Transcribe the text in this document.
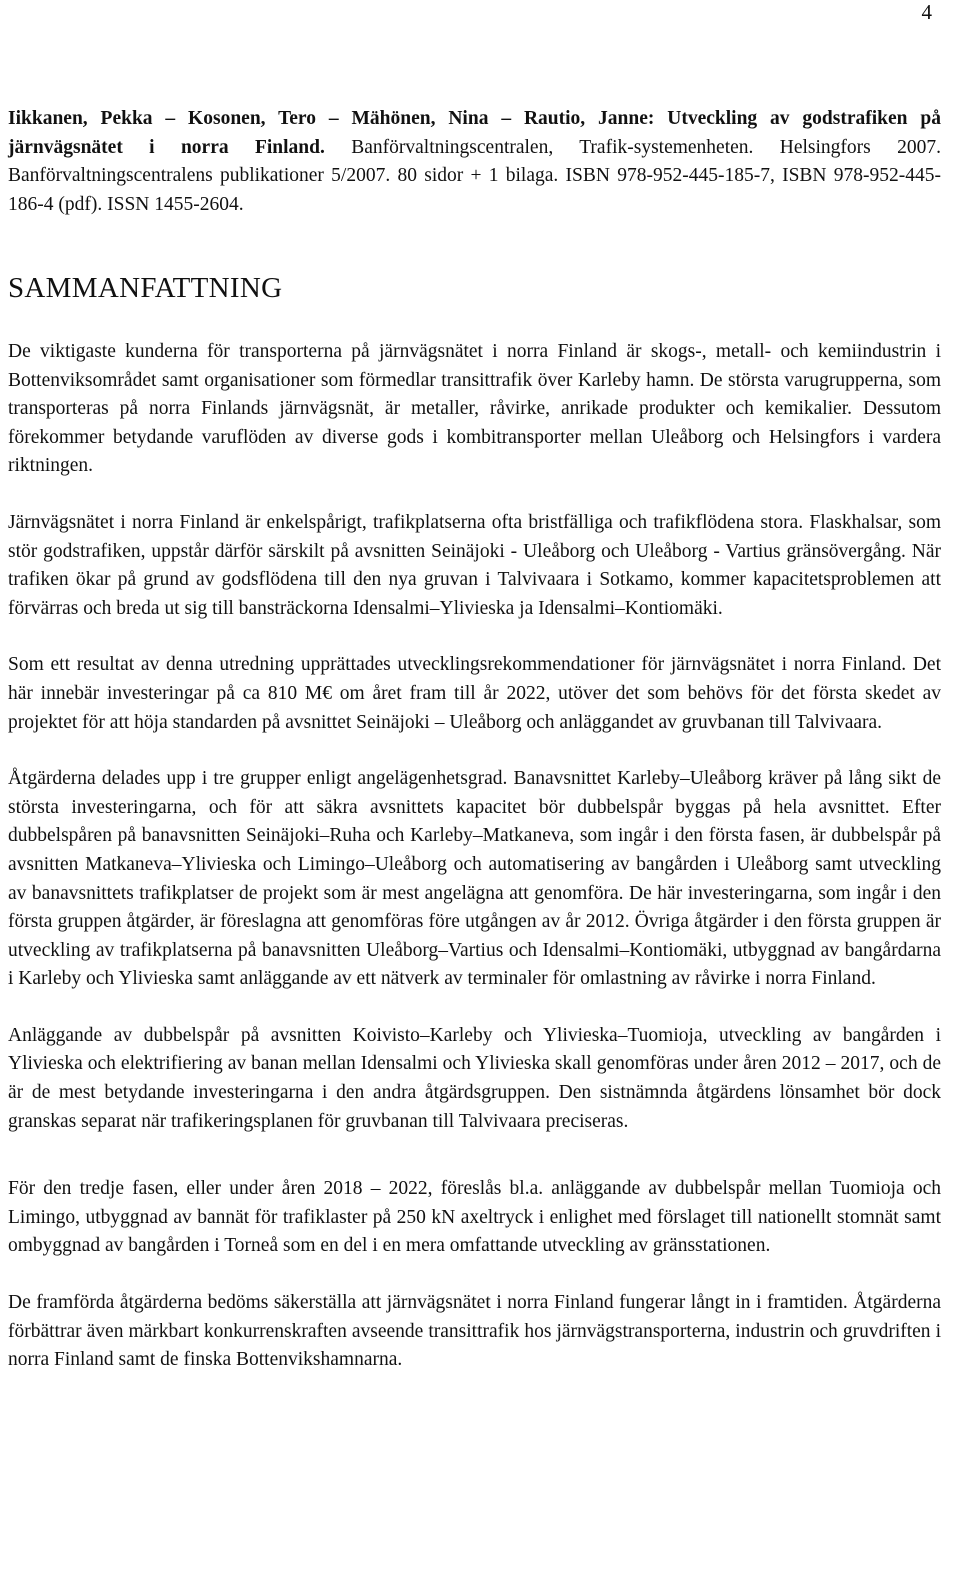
4

Iikkanen, Pekka – Kosonen, Tero – Mähönen, Nina – Rautio, Janne: Utveckling av godstrafiken på järnvägsnätet i norra Finland. Banförvaltningscentralen, Trafik-systemenheten. Helsingfors 2007. Banförvaltningscentralens publikationer 5/2007. 80 sidor + 1 bilaga. ISBN 978-952-445-185-7, ISBN 978-952-445-186-4 (pdf). ISSN 1455-2604.

SAMMANFATTNING

De viktigaste kunderna för transporterna på järnvägsnätet i norra Finland är skogs-, metall- och kemiindustrin i Bottenviksområdet samt organisationer som förmedlar transittrafik över Karleby hamn. De största varugrupperna, som transporteras på norra Finlands järnvägsnät, är metaller, råvirke, anrikade produkter och kemikalier. Dessutom förekommer betydande varuflöden av diverse gods i kombitransporter mellan Uleåborg och Helsingfors i vardera riktningen.

Järnvägsnätet i norra Finland är enkelspårigt, trafikplatserna ofta bristfälliga och trafikflödena stora. Flaskhalsar, som stör godstrafiken, uppstår därför särskilt på avsnitten Seinäjoki - Uleåborg och Uleåborg - Vartius gränsövergång. När trafiken ökar på grund av godsflödena till den nya gruvan i Talvivaara i Sotkamo, kommer kapacitetsproblemen att förvärras och breda ut sig till bansträckorna Idensalmi–Ylivieska ja Idensalmi–Kontiomäki.

Som ett resultat av denna utredning upprättades utvecklingsrekommendationer för järnvägsnätet i norra Finland. Det här innebär investeringar på ca 810 M€ om året fram till år 2022, utöver det som behövs för det första skedet av projektet för att höja standarden på avsnittet Seinäjoki – Uleåborg och anläggandet av gruvbanan till Talvivaara.

Åtgärderna delades upp i tre grupper enligt angelägenhetsgrad. Banavsnittet Karleby–Uleåborg kräver på lång sikt de största investeringarna, och för att säkra avsnittets kapacitet bör dubbelspår byggas på hela avsnittet. Efter dubbelspåren på banavsnitten Seinäjoki–Ruha och Karleby–Matkaneva, som ingår i den första fasen, är dubbelspår på avsnitten Matkaneva–Ylivieska och Limingo–Uleåborg och automatisering av bangården i Uleåborg samt utveckling av banavsnittets trafikplatser de projekt som är mest angelägna att genomföra. De här investeringarna, som ingår i den första gruppen åtgärder, är föreslagna att genomföras före utgången av år 2012. Övriga åtgärder i den första gruppen är utveckling av trafikplatserna på banavsnitten Uleåborg–Vartius och Idensalmi–Kontiomäki, utbyggnad av bangårdarna i Karleby och Ylivieska samt anläggande av ett nätverk av terminaler för omlastning av råvirke i norra Finland.

Anläggande av dubbelspår på avsnitten Koivisto–Karleby och Ylivieska–Tuomioja, utveckling av bangården i Ylivieska och elektrifiering av banan mellan Idensalmi och Ylivieska skall genomföras under åren 2012 – 2017, och de är de mest betydande investeringarna i den andra åtgärdsgruppen. Den sistnämnda åtgärdens lönsamhet bör dock granskas separat när trafikeringsplanen för gruvbanan till Talvivaara preciseras.

För den tredje fasen, eller under åren 2018 – 2022, föreslås bl.a. anläggande av dubbelspår mellan Tuomioja och Limingo, utbyggnad av bannät för trafiklaster på 250 kN axeltryck i enlighet med förslaget till nationellt stomnät samt ombyggnad av bangården i Torneå som en del i en mera omfattande utveckling av gränsstationen.

De framförda åtgärderna bedöms säkerställa att järnvägsnätet i norra Finland fungerar långt in i framtiden. Åtgärderna förbättrar även märkbart konkurrenskraften avseende transittrafik hos järnvägstransporterna, industrin och gruvdriften i norra Finland samt de finska Bottenvikshamnarna.
